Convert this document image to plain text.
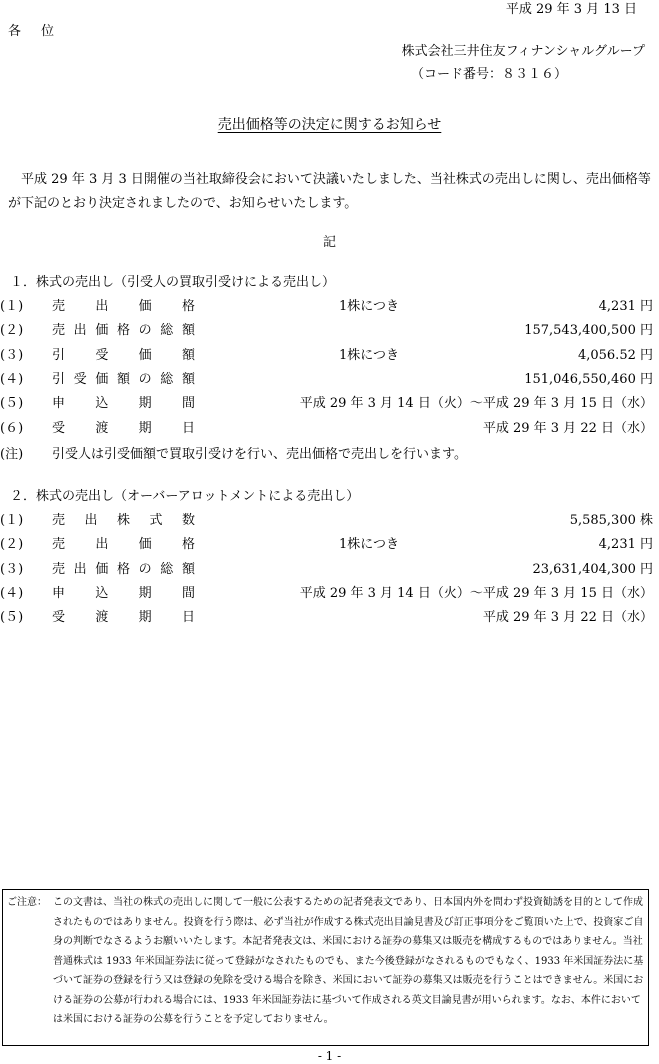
平成 29 年 3 月 13 日
各位
株式会社三井住友フィナンシャルグループ
（コード番号：８３１６）
売出価格等の決定に関するお知らせ
　平成 29 年 3 月 3 日開催の当社取締役会において決議いたしました、当社株式の売出しに関し、売出価格等が下記のとおり決定されましたので、お知らせいたします。
記
１．株式の売出し（引受人の買取引受けによる売出し）
(１) 売 出 価 格	1株につき	4,231 円
(２) 売 出 価 格 の 総 額	157,543,400,500 円
(３) 引 受 価 額	1株につき	4,056.52 円
(４) 引 受 価 額 の 総 額	151,046,550,460 円
(５) 申 込 期 間	平成 29 年 3 月 14 日（火）～平成 29 年 3 月 15 日（水）
(６) 受 渡 期 日	平成 29 年 3 月 22 日（水）
(注) 引受人は引受価額で買取引受けを行い、売出価格で売出しを行います。
２．株式の売出し（オーバーアロットメントによる売出し）
(１) 売 出 株 式 数	5,585,300 株
(２) 売 出 価 格	1株につき	4,231 円
(３) 売 出 価 格 の 総 額	23,631,404,300 円
(４) 申 込 期 間	平成 29 年 3 月 14 日（火）～平成 29 年 3 月 15 日（水）
(５) 受 渡 期 日	平成 29 年 3 月 22 日（水）
ご注意： この文書は、当社の株式の売出しに関して一般に公表するための記者発表文であり、日本国内外を問わず投資勧誘を目的として作成されたものではありません。投資を行う際は、必ず当社が作成する株式売出目論見書及び訂正事項分をご覧頂いた上で、投資家ご自身の判断でなさるようお願いいたします。本記者発表文は、米国における証券の募集又は販売を構成するものではありません。当社普通株式は 1933 年米国証券法に従って登録がなされたものでも、また今後登録がなされるものでもなく、1933 年米国証券法に基づいて証券の登録を行う又は登録の免除を受ける場合を除き、米国において証券の募集又は販売を行うことはできません。米国における証券の公募が行われる場合には、1933 年米国証券法に基づいて作成される英文目論見書が用いられます。なお、本件においては米国における証券の公募を行うことを予定しておりません。
- 1 -
